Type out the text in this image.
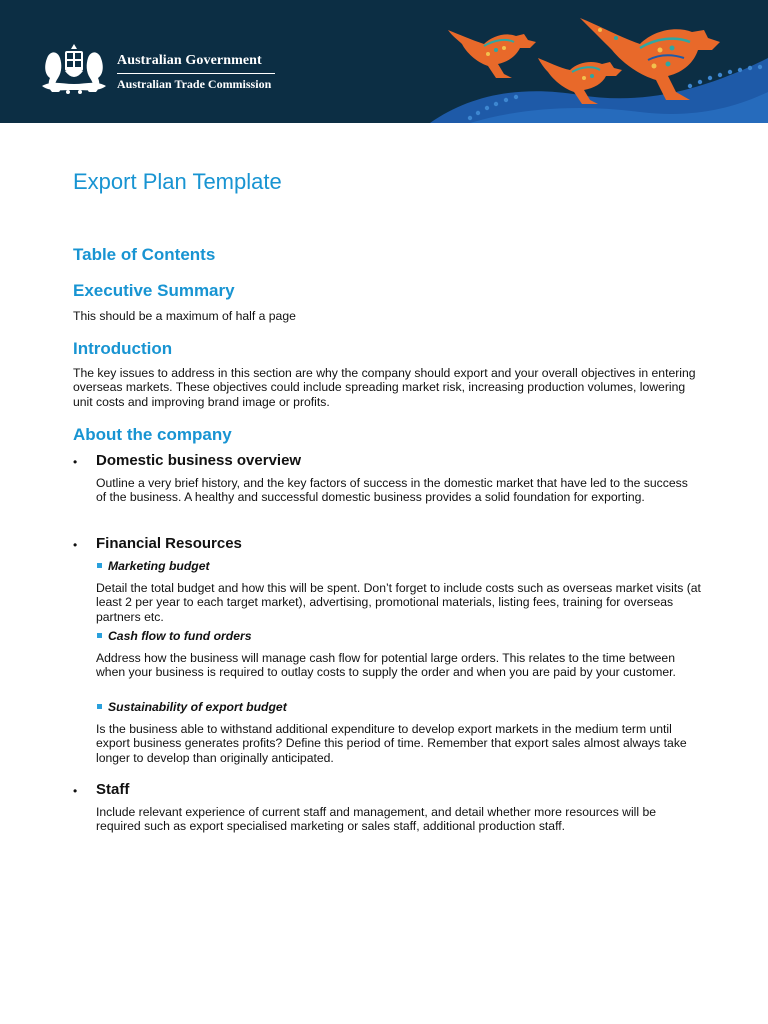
Australian Government
Australian Trade Commission
Export Plan Template
Table of Contents
Executive Summary

This should be a maximum of half a page

Introduction

The key issues to address in this section are why the company should export and your overall objectives in entering overseas markets. These objectives could include spreading market risk, increasing production volumes, lowering unit costs and improving brand image or profits.

About the company
• Domestic business overview

Outline a very brief history, and the key factors of success in the domestic market that have led to the success of the business. A healthy and successful domestic business provides a solid foundation for exporting.

• Financial Resources
Marketing budget

Detail the total budget and how this will be spent. Don’t forget to include costs such as overseas market visits (at least 2 per year to each target market), advertising, promotional materials, listing fees, training for overseas partners etc.

Cash flow to fund orders

Address how the business will manage cash flow for potential large orders. This relates to the time between when your business is required to outlay costs to supply the order and when you are paid by your customer.

Sustainability of export budget

Is the business able to withstand additional expenditure to develop export markets in the medium term until export business generates profits? Define this period of time. Remember that export sales almost always take longer to develop than originally anticipated.

• Staff

Include relevant experience of current staff and management, and detail whether more resources will be required such as export specialised marketing or sales staff, additional production staff.
